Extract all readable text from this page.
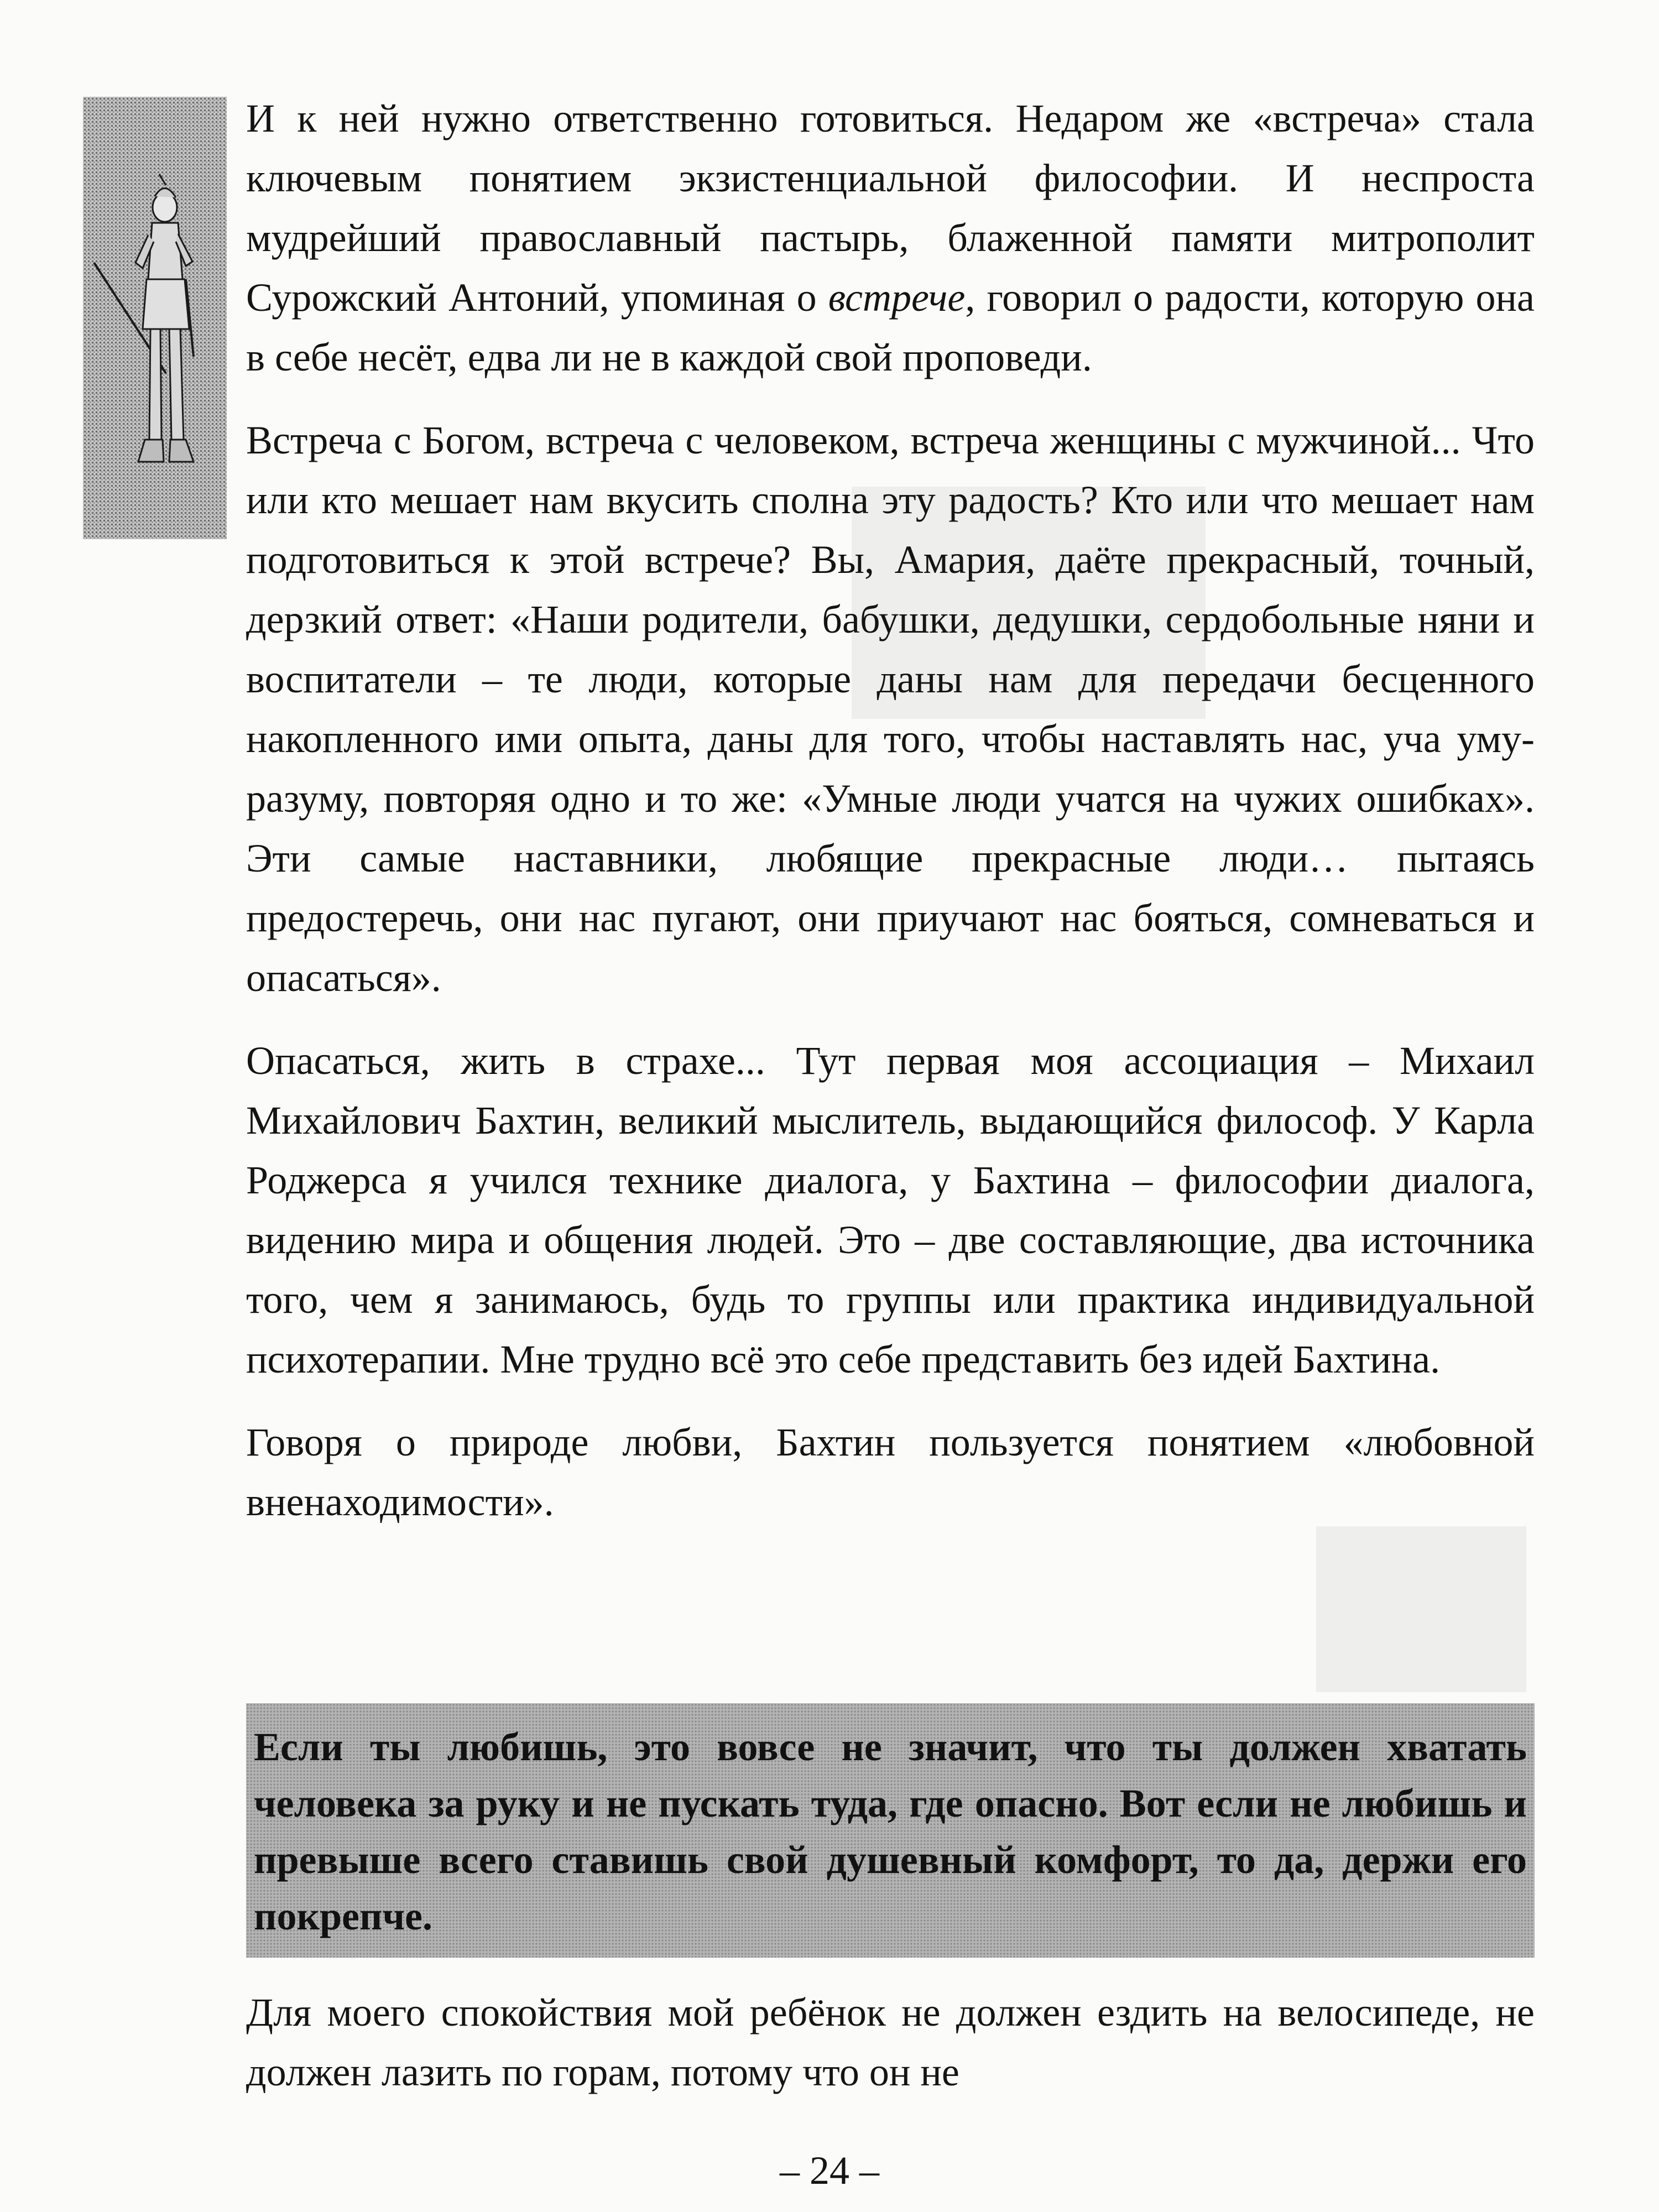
И к ней нужно ответственно готовиться. Недаром же «встреча» стала ключевым понятием экзистенциальной философии. И неспроста мудрейший православный пастырь, блаженной памяти митрополит Сурожский Антоний, упоминая о встрече, говорил о радости, которую она в себе несёт, едва ли не в каждой свой проповеди.

Встреча с Богом, встреча с человеком, встреча женщины с мужчиной... Что или кто мешает нам вкусить сполна эту радость? Кто или что мешает нам подготовиться к этой встрече? Вы, Амария, даёте прекрасный, точный, дерзкий ответ: «Наши родители, бабушки, дедушки, сердобольные няни и воспитатели – те люди, которые даны нам для передачи бесценного накопленного ими опыта, даны для того, чтобы наставлять нас, уча уму-разуму, повторяя одно и то же: «Умные люди учатся на чужих ошибках». Эти самые наставники, любящие прекрасные люди… пытаясь предостеречь, они нас пугают, они приучают нас бояться, сомневаться и опасаться».

Опасаться, жить в страхе... Тут первая моя ассоциация – Михаил Михайлович Бахтин, великий мыслитель, выдающийся философ. У Карла Роджерса я учился технике диалога, у Бахтина – философии диалога, видению мира и общения людей. Это – две составляющие, два источника того, чем я занимаюсь, будь то группы или практика индивидуальной психотерапии. Мне трудно всё это себе представить без идей Бахтина.

Говоря о природе любви, Бахтин пользуется понятием «любовной вненаходимости».

Если ты любишь, это вовсе не значит, что ты должен хватать человека за руку и не пускать туда, где опасно. Вот если не любишь и превыше всего ставишь свой душевный комфорт, то да, держи его покрепче.

Для моего спокойствия мой ребёнок не должен ездить на велосипеде, не должен лазить по горам, потому что он не

– 24 –
